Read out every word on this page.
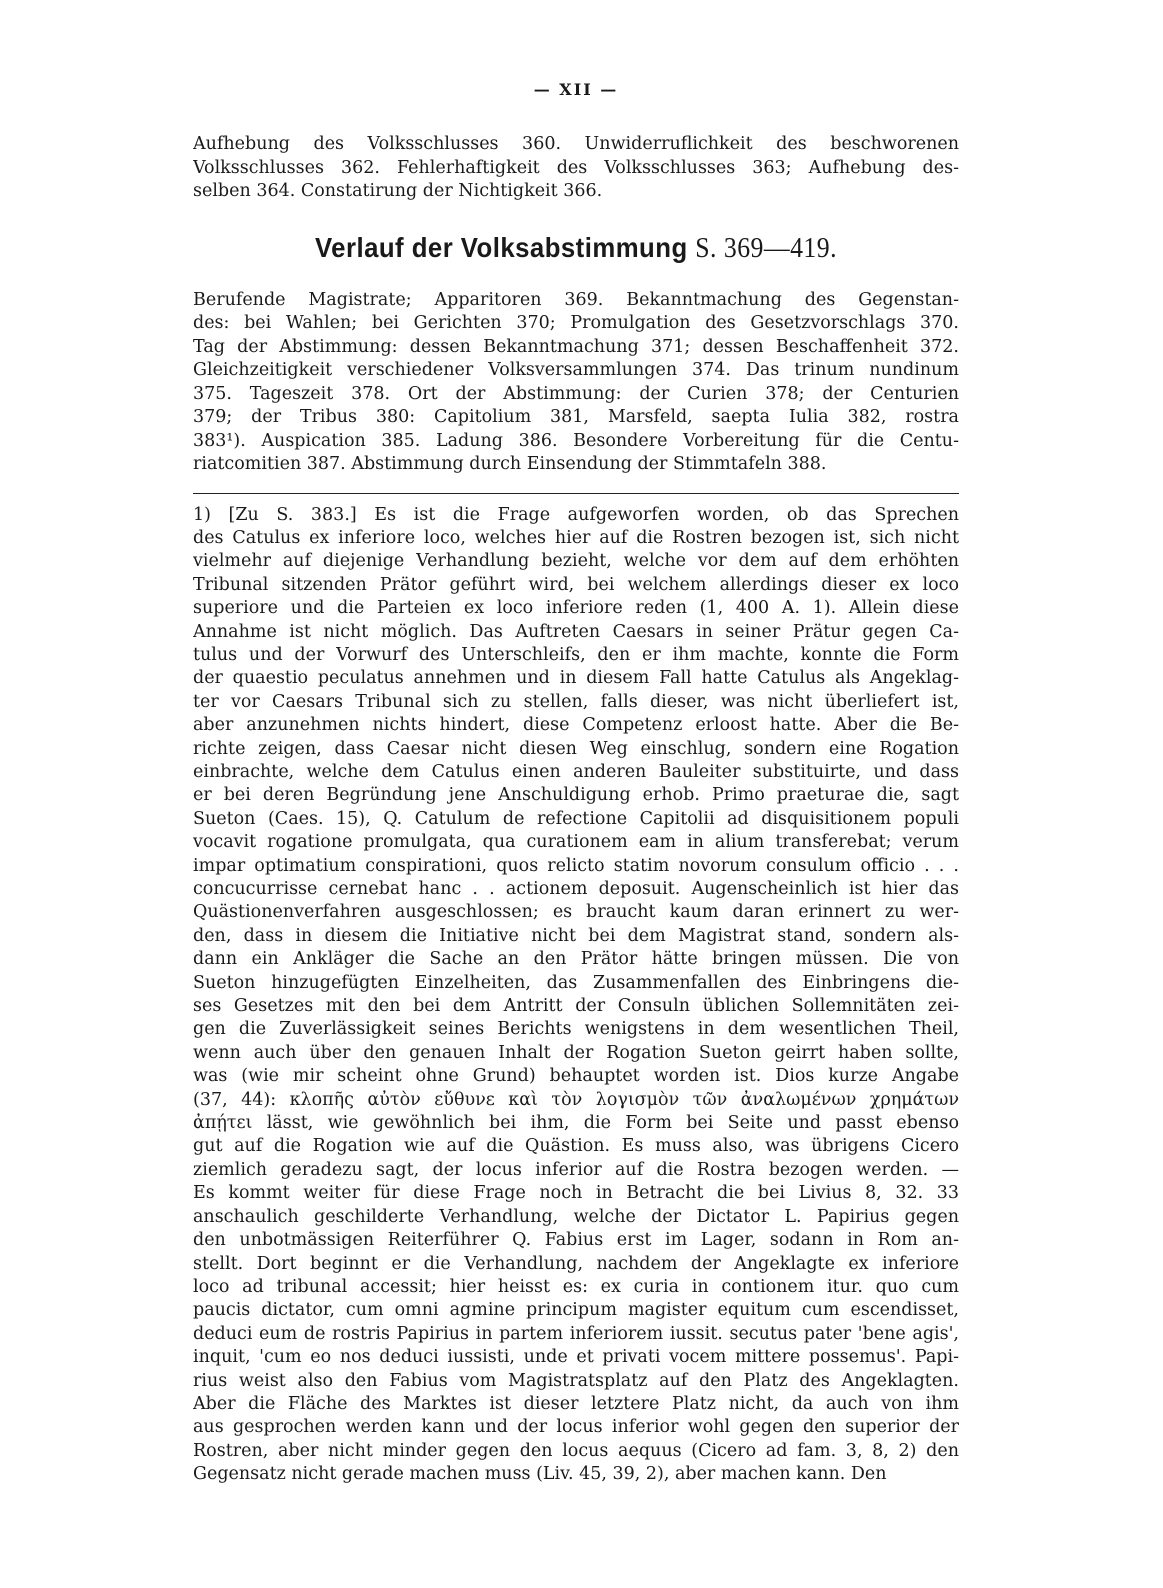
— XII —
Aufhebung des Volksschlusses 360. Unwiderruflichkeit des beschworenen
Volksschlusses 362. Fehlerhaftigkeit des Volksschlusses 363; Aufhebung des-
selben 364. Constatirung der Nichtigkeit 366.
Verlauf der Volksabstimmung S. 369—419.
Berufende Magistrate; Apparitoren 369. Bekanntmachung des Gegenstan-
des: bei Wahlen; bei Gerichten 370; Promulgation des Gesetzvorschlags 370.
Tag der Abstimmung: dessen Bekanntmachung 371; dessen Beschaffenheit 372.
Gleichzeitigkeit verschiedener Volksversammlungen 374. Das trinum nundinum
375. Tageszeit 378. Ort der Abstimmung: der Curien 378; der Centurien
379; der Tribus 380: Capitolium 381, Marsfeld, saepta Iulia 382, rostra
383¹). Auspication 385. Ladung 386. Besondere Vorbereitung für die Centu-
riatcomitien 387. Abstimmung durch Einsendung der Stimmtafeln 388.
1) [Zu S. 383.] Es ist die Frage aufgeworfen worden, ob das Sprechen
des Catulus ex inferiore loco, welches hier auf die Rostren bezogen ist, sich nicht
vielmehr auf diejenige Verhandlung bezieht, welche vor dem auf dem erhöhten
Tribunal sitzenden Prätor geführt wird, bei welchem allerdings dieser ex loco
superiore und die Parteien ex loco inferiore reden (1, 400 A. 1). Allein diese
Annahme ist nicht möglich. Das Auftreten Caesars in seiner Prätur gegen Ca-
tulus und der Vorwurf des Unterschleifs, den er ihm machte, konnte die Form
der quaestio peculatus annehmen und in diesem Fall hatte Catulus als Angeklag-
ter vor Caesars Tribunal sich zu stellen, falls dieser, was nicht überliefert ist,
aber anzunehmen nichts hindert, diese Competenz erloost hatte. Aber die Be-
richte zeigen, dass Caesar nicht diesen Weg einschlug, sondern eine Rogation
einbrachte, welche dem Catulus einen anderen Bauleiter substituirte, und dass
er bei deren Begründung jene Anschuldigung erhob. Primo praeturae die, sagt
Sueton (Caes. 15), Q. Catulum de refectione Capitolii ad disquisitionem populi
vocavit rogatione promulgata, qua curationem eam in alium transferebat; verum
impar optimatium conspirationi, quos relicto statim novorum consulum officio . . .
concucurrisse cernebat hanc . . actionem deposuit. Augenscheinlich ist hier das
Quästionenverfahren ausgeschlossen; es braucht kaum daran erinnert zu wer-
den, dass in diesem die Initiative nicht bei dem Magistrat stand, sondern als-
dann ein Ankläger die Sache an den Prätor hätte bringen müssen. Die von
Sueton hinzugefügten Einzelheiten, das Zusammenfallen des Einbringens die-
ses Gesetzes mit den bei dem Antritt der Consuln üblichen Sollemnitäten zei-
gen die Zuverlässigkeit seines Berichts wenigstens in dem wesentlichen Theil,
wenn auch über den genauen Inhalt der Rogation Sueton geirrt haben sollte,
was (wie mir scheint ohne Grund) behauptet worden ist. Dios kurze Angabe
(37, 44): κλοπῆς αὐτὸν εὔθυνε καὶ τὸν λογισμὸν τῶν ἀναλωμένων χρημάτων
ἀπῄτει lässt, wie gewöhnlich bei ihm, die Form bei Seite und passt ebenso
gut auf die Rogation wie auf die Quästion. Es muss also, was übrigens Cicero
ziemlich geradezu sagt, der locus inferior auf die Rostra bezogen werden. —
Es kommt weiter für diese Frage noch in Betracht die bei Livius 8, 32. 33
anschaulich geschilderte Verhandlung, welche der Dictator L. Papirius gegen
den unbotmässigen Reiterführer Q. Fabius erst im Lager, sodann in Rom an-
stellt. Dort beginnt er die Verhandlung, nachdem der Angeklagte ex inferiore
loco ad tribunal accessit; hier heisst es: ex curia in contionem itur. quo cum
paucis dictator, cum omni agmine principum magister equitum cum escendisset,
deduci eum de rostris Papirius in partem inferiorem iussit. secutus pater 'bene agis',
inquit, 'cum eo nos deduci iussisti, unde et privati vocem mittere possemus'. Papi-
rius weist also den Fabius vom Magistratsplatz auf den Platz des Angeklagten.
Aber die Fläche des Marktes ist dieser letztere Platz nicht, da auch von ihm
aus gesprochen werden kann und der locus inferior wohl gegen den superior der
Rostren, aber nicht minder gegen den locus aequus (Cicero ad fam. 3, 8, 2) den
Gegensatz nicht gerade machen muss (Liv. 45, 39, 2), aber machen kann. Den
